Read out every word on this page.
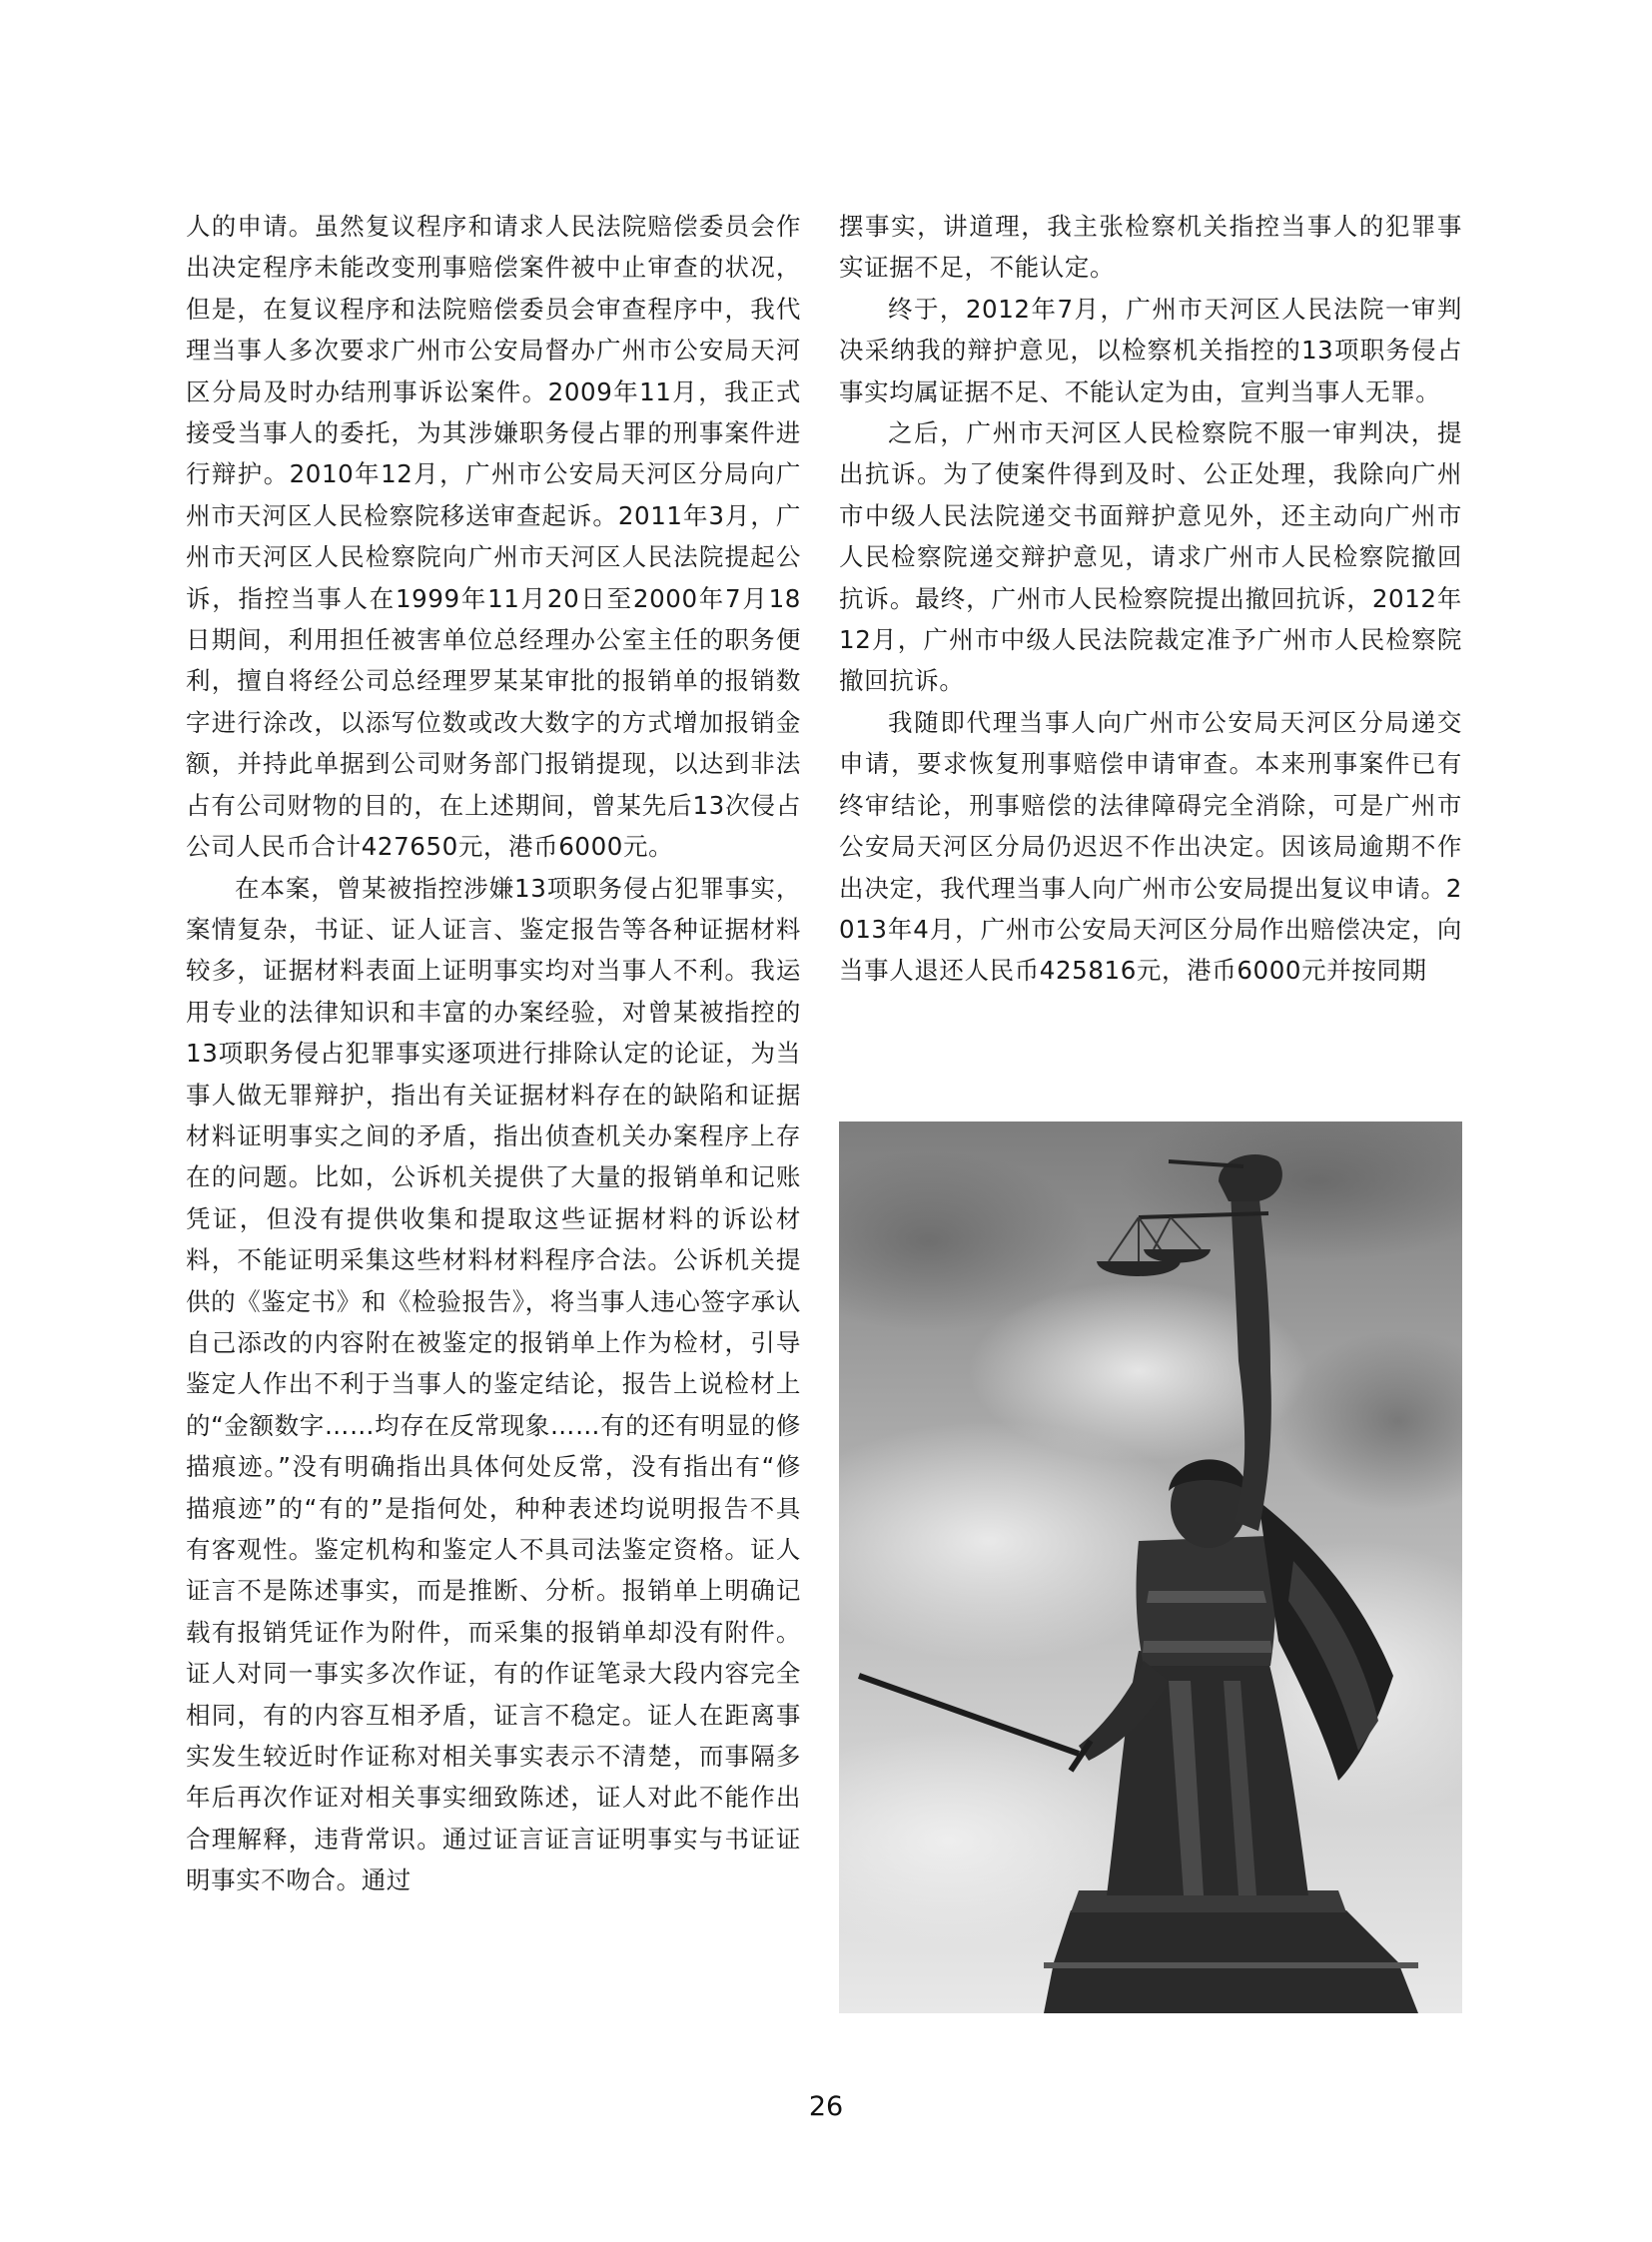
人的申请。虽然复议程序和请求人民法院赔偿委员会作出决定程序未能改变刑事赔偿案件被中止审查的状况，但是，在复议程序和法院赔偿委员会审查程序中，我代理当事人多次要求广州市公安局督办广州市公安局天河区分局及时办结刑事诉讼案件。2009年11月，我正式接受当事人的委托，为其涉嫌职务侵占罪的刑事案件进行辩护。2010年12月，广州市公安局天河区分局向广州市天河区人民检察院移送审查起诉。2011年3月，广州市天河区人民检察院向广州市天河区人民法院提起公诉，指控当事人在1999年11月20日至2000年7月18日期间，利用担任被害单位总经理办公室主任的职务便利，擅自将经公司总经理罗某某审批的报销单的报销数字进行涂改，以添写位数或改大数字的方式增加报销金额，并持此单据到公司财务部门报销提现，以达到非法占有公司财物的目的，在上述期间，曾某先后13次侵占公司人民币合计427650元，港币6000元。

在本案，曾某被指控涉嫌13项职务侵占犯罪事实，案情复杂，书证、证人证言、鉴定报告等各种证据材料较多，证据材料表面上证明事实均对当事人不利。我运用专业的法律知识和丰富的办案经验，对曾某被指控的13项职务侵占犯罪事实逐项进行排除认定的论证，为当事人做无罪辩护，指出有关证据材料存在的缺陷和证据材料证明事实之间的矛盾，指出侦查机关办案程序上存在的问题。比如，公诉机关提供了大量的报销单和记账凭证，但没有提供收集和提取这些证据材料的诉讼材料，不能证明采集这些材料材料程序合法。公诉机关提供的《鉴定书》和《检验报告》，将当事人违心签字承认自己添改的内容附在被鉴定的报销单上作为检材，引导鉴定人作出不利于当事人的鉴定结论，报告上说检材上的“金额数字……均存在反常现象……有的还有明显的修描痕迹。”没有明确指出具体何处反常，没有指出有“修描痕迹”的“有的”是指何处，种种表述均说明报告不具有客观性。鉴定机构和鉴定人不具司法鉴定资格。证人证言不是陈述事实，而是推断、分析。报销单上明确记载有报销凭证作为附件，而采集的报销单却没有附件。证人对同一事实多次作证，有的作证笔录大段内容完全相同，有的内容互相矛盾，证言不稳定。证人在距离事实发生较近时作证称对相关事实表示不清楚，而事隔多年后再次作证对相关事实细致陈述，证人对此不能作出合理解释，违背常识。通过证言证言证明事实与书证证明事实不吻合。通过

摆事实，讲道理，我主张检察机关指控当事人的犯罪事实证据不足，不能认定。

终于，2012年7月，广州市天河区人民法院一审判决采纳我的辩护意见，以检察机关指控的13项职务侵占事实均属证据不足、不能认定为由，宣判当事人无罪。

之后，广州市天河区人民检察院不服一审判决，提出抗诉。为了使案件得到及时、公正处理，我除向广州市中级人民法院递交书面辩护意见外，还主动向广州市人民检察院递交辩护意见，请求广州市人民检察院撤回抗诉。最终，广州市人民检察院提出撤回抗诉，2012年12月，广州市中级人民法院裁定准予广州市人民检察院撤回抗诉。

我随即代理当事人向广州市公安局天河区分局递交申请，要求恢复刑事赔偿申请审查。本来刑事案件已有终审结论，刑事赔偿的法律障碍完全消除，可是广州市公安局天河区分局仍迟迟不作出决定。因该局逾期不作出决定，我代理当事人向广州市公安局提出复议申请。2013年4月，广州市公安局天河区分局作出赔偿决定，向当事人退还人民币425816元，港币6000元并按同期

26
